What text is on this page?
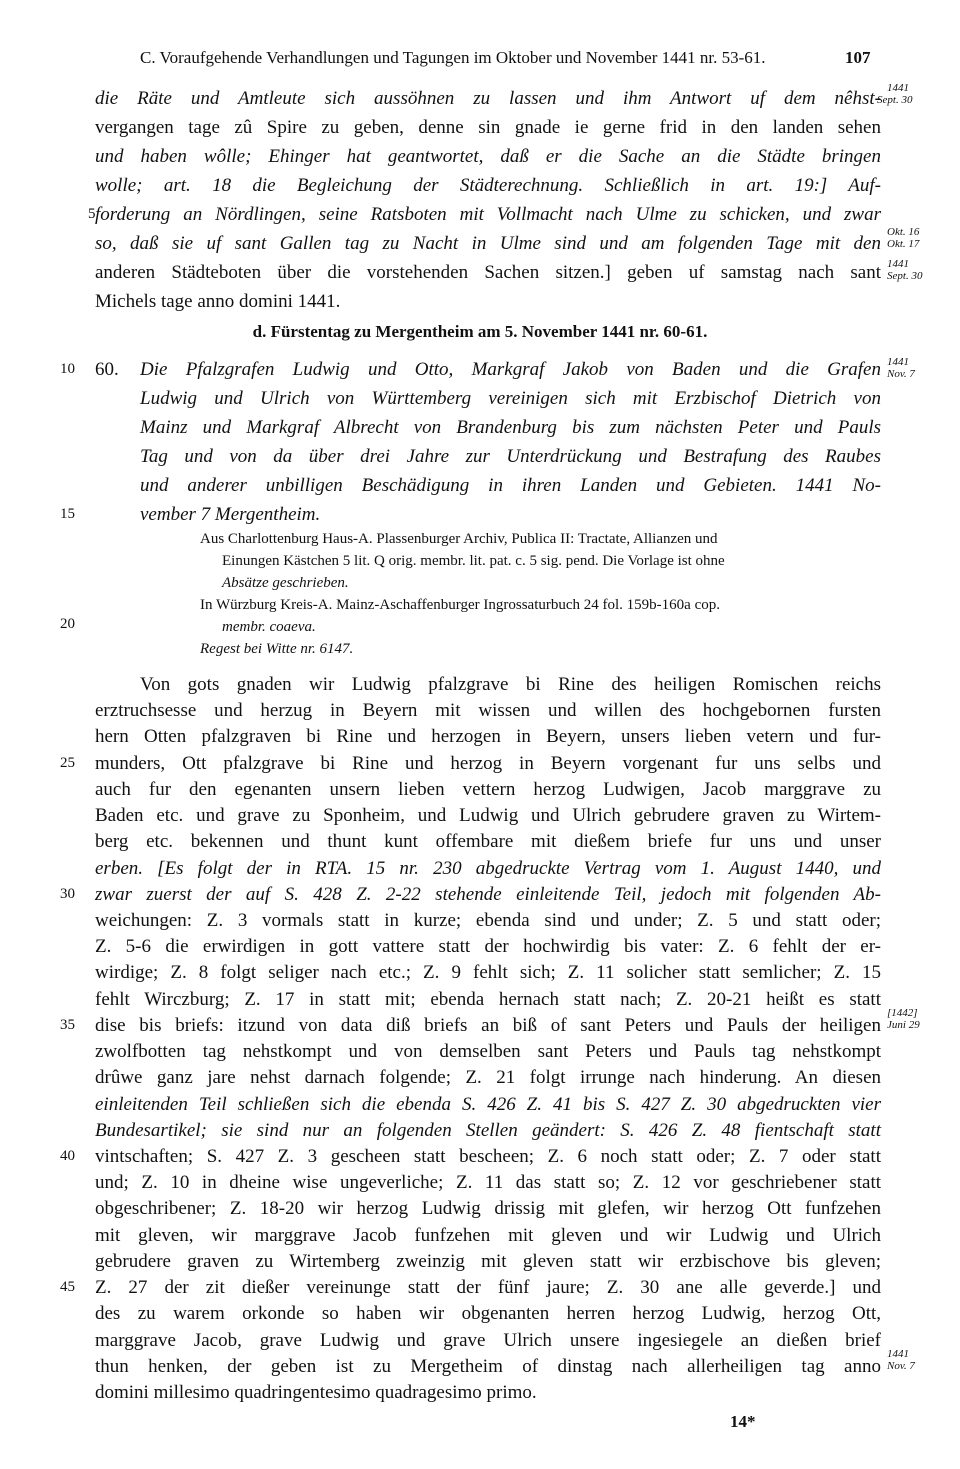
C. Voraufgehende Verhandlungen und Tagungen im Oktober und November 1441 nr. 53-61.	107
die Räte und Amtleute sich aussöhnen zu lassen und ihm Antwort uf dem nêhst-
vergangen tage zû Spire zu geben, denne sin gnade ie gerne frid in den landen sehen
und haben wôlle; Ehinger hat geantwortet, daß er die Sache an die Städte bringen
wolle; art. 18 die Begleichung der Städterechnung. Schließlich in art. 19:] Auf-
forderung an Nördlingen, seine Ratsboten mit Vollmacht nach Ulme zu schicken, und zwar
so, daß sie uf sant Gallen tag zu Nacht in Ulme sind und am folgenden Tage mit den
anderen Städteboten über die vorstehenden Sachen sitzen.] geben uf samstag nach sant
Michels tage anno domini 1441.
d. Fürstentag zu Mergentheim am 5. November 1441 nr. 60-61.
60.	Die Pfalzgrafen Ludwig und Otto, Markgraf Jakob von Baden und die Grafen
Ludwig und Ulrich von Württemberg vereinigen sich mit Erzbischof Dietrich von
Mainz und Markgraf Albrecht von Brandenburg bis zum nächsten Peter und Pauls
Tag und von da über drei Jahre zur Unterdrückung und Bestrafung des Raubes
und anderer unbilligen Beschädigung in ihren Landen und Gebieten. 1441 No-
vember 7 Mergentheim.
Aus Charlottenburg Haus-A. Plassenburger Archiv, Publica II: Tractate, Allianzen und
Einungen Kästchen 5 lit. Q orig. membr. lit. pat. c. 5 sig. pend. Die Vorlage ist ohne
Absätze geschrieben.
In Würzburg Kreis-A. Mainz-Aschaffenburger Ingrossaturbuch 24 fol. 159b-160a cop.
membr. coaeva.
Regest bei Witte nr. 6147.
Von gots gnaden wir Ludwig pfalzgrave bi Rine des heiligen Romischen reichs
erztruchsesse und herzug in Beyern mit wissen und willen des hochgebornen fursten
hern Otten pfalzgraven bi Rine und herzogen in Beyern, unsers lieben vetern und fur-
munders, Ott pfalzgrave bi Rine und herzog in Beyern vorgenant fur uns selbs und
auch fur den egenanten unsern lieben vettern herzog Ludwigen, Jacob marggrave zu
Baden etc. und grave zu Sponheim, und Ludwig und Ulrich gebrudere graven zu Wirtem-
berg etc. bekennen und thunt kunt offembare mit dießem briefe fur uns und unser
erben. [Es folgt der in RTA. 15 nr. 230 abgedruckte Vertrag vom 1. August 1440, und
zwar zuerst der auf S. 428 Z. 2-22 stehende einleitende Teil, jedoch mit folgenden Ab-
weichungen: Z. 3 vormals statt in kurze; ebenda sind und under; Z. 5 und statt oder;
Z. 5-6 die erwirdigen in gott vattere statt der hochwirdig bis vater: Z. 6 fehlt der er-
wirdige; Z. 8 folgt seliger nach etc.; Z. 9 fehlt sich; Z. 11 solicher statt semlicher; Z. 15
fehlt Wirczburg; Z. 17 in statt mit; ebenda hernach statt nach; Z. 20-21 heißt es statt
dise bis briefs: itzund von data diß briefs an biß of sant Peters und Pauls der heiligen
zwolfbotten tag nehstkompt und von demselben sant Peters und Pauls tag nehstkompt
drûwe ganz jare nehst darnach folgende; Z. 21 folgt irrunge nach hinderung. An diesen
einleitenden Teil schließen sich die ebenda S. 426 Z. 41 bis S. 427 Z. 30 abgedruckten vier
Bundesartikel; sie sind nur an folgenden Stellen geändert: S. 426 Z. 48 fientschaft statt
vintschaften; S. 427 Z. 3 gescheen statt bescheen; Z. 6 noch statt oder; Z. 7 oder statt
und; Z. 10 in dheine wise ungeverliche; Z. 11 das statt so; Z. 12 vor geschriebener statt
obgeschribener; Z. 18-20 wir herzog Ludwig drissig mit glefen, wir herzog Ott funfzehen
mit gleven, wir marggrave Jacob funfzehen mit gleven und wir Ludwig und Ulrich
gebrudere graven zu Wirtemberg zweinzig mit gleven statt wir erzbischove bis gleven;
Z. 27 der zit dießer vereinunge statt der fünf jaure; Z. 30 ane alle geverde.] und
des zu warem orkonde so haben wir obgenanten herren herzog Ludwig, herzog Ott,
marggrave Jacob, grave Ludwig und grave Ulrich unsere ingesiegele an dießen brief
thun henken, der geben ist zu Mergetheim of dinstag nach allerheiligen tag anno
domini millesimo quadringentesimo quadragesimo primo.
5
10
15
20
25
30
35
40
45
1441
Sept. 30
Okt. 16
Okt. 17
1441
Sept. 30
1441
Nov. 7
[1442]
Juni 29
1441
Nov. 7
14*
